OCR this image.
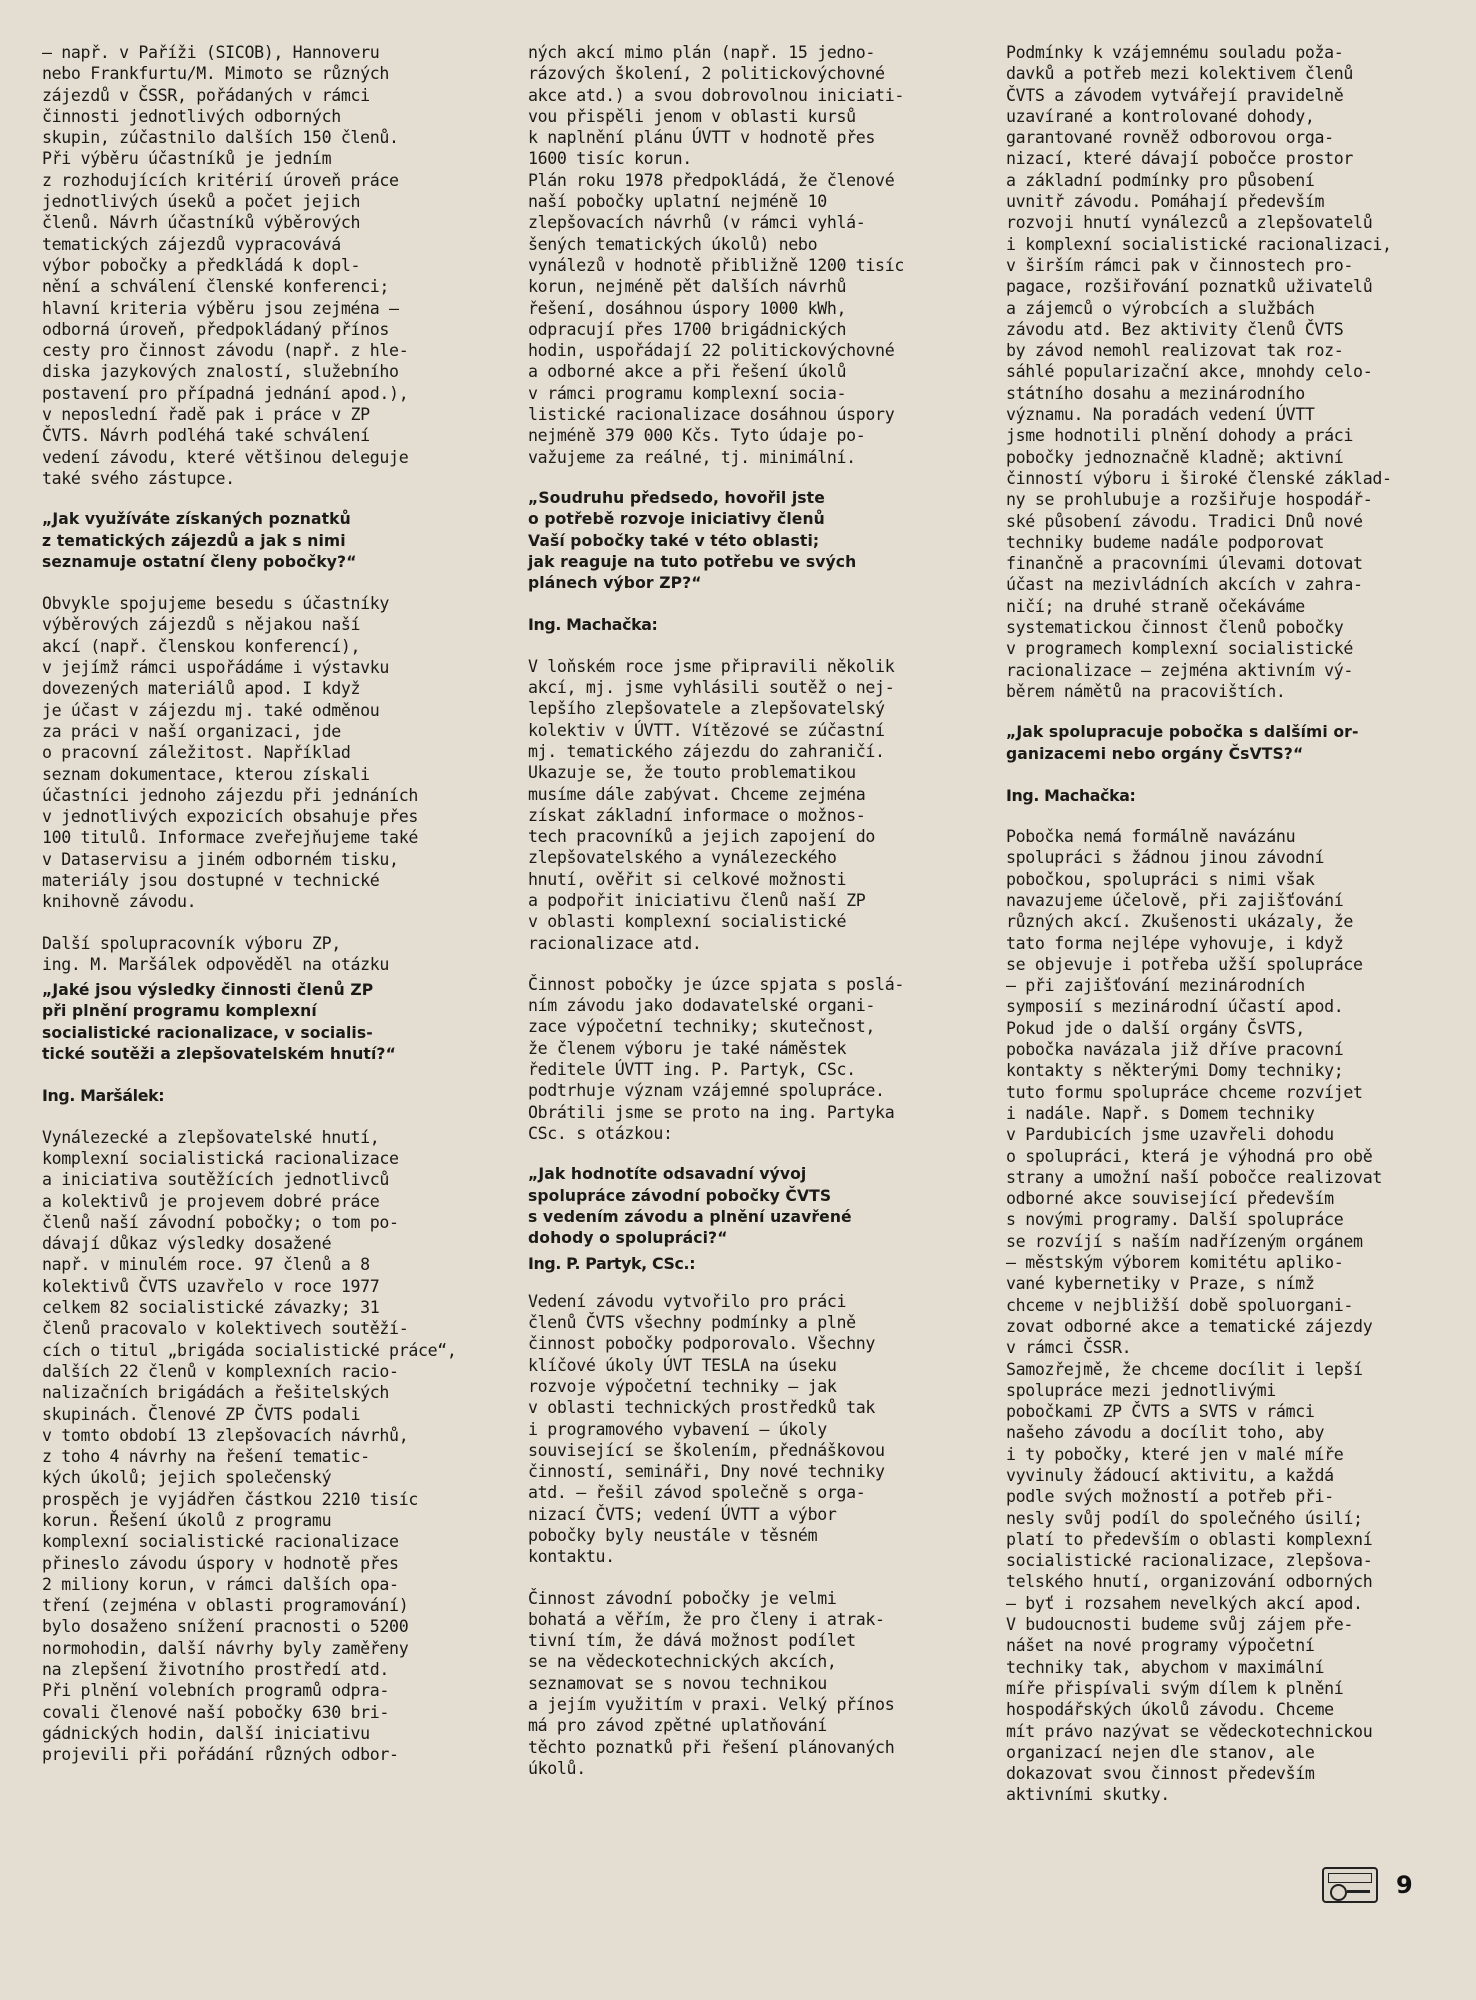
— např. v Paříži (SICOB), Hannoveru
nebo Frankfurtu/M. Mimoto se různých
zájezdů v ČSSR, pořádaných v rámci
činnosti jednotlivých odborných
skupin, zúčastnilo dalších 150 členů.
Při výběru účastníků je jedním
z rozhodujících kritérií úroveň práce
jednotlivých úseků a počet jejich
členů. Návrh účastníků výběrových
tematických zájezdů vypracovává
výbor pobočky a předkládá k dopl-
nění a schválení členské konferenci;
hlavní kriteria výběru jsou zejména —
odborná úroveň, předpokládaný přínos
cesty pro činnost závodu (např. z hle-
diska jazykových znalostí, služebního
postavení pro případná jednání apod.),
v neposlední řadě pak i práce v ZP
ČVTS. Návrh podléhá také schválení
vedení závodu, které většinou deleguje
také svého zástupce.

„Jak využíváte získaných poznatků
z tematických zájezdů a jak s nimi
seznamuje ostatní členy pobočky?“

Obvykle spojujeme besedu s účastníky
výběrových zájezdů s nějakou naší
akcí (např. členskou konferencí),
v jejímž rámci uspořádáme i výstavku
dovezených materiálů apod. I když
je účast v zájezdu mj. také odměnou
za práci v naší organizaci, jde
o pracovní záležitost. Například
seznam dokumentace, kterou získali
účastníci jednoho zájezdu při jednáních
v jednotlivých expozicích obsahuje přes
100 titulů. Informace zveřejňujeme také
v Dataservisu a jiném odborném tisku,
materiály jsou dostupné v technické
knihovně závodu.

Další spolupracovník výboru ZP,
ing. M. Maršálek odpověděl na otázku

„Jaké jsou výsledky činnosti členů ZP
při plnění programu komplexní
socialistické racionalizace, v socialis-
tické soutěži a zlepšovatelském hnutí?“

Ing. Maršálek:

Vynálezecké a zlepšovatelské hnutí,
komplexní socialistická racionalizace
a iniciativa soutěžících jednotlivců
a kolektivů je projevem dobré práce
členů naší závodní pobočky; o tom po-
dávají důkaz výsledky dosažené
např. v minulém roce. 97 členů a 8
kolektivů ČVTS uzavřelo v roce 1977
celkem 82 socialistické závazky; 31
členů pracovalo v kolektivech soutěží-
cích o titul „brigáda socialistické práce“,
dalších 22 členů v komplexních racio-
nalizačních brigádách a řešitelských
skupinách. Členové ZP ČVTS podali
v tomto období 13 zlepšovacích návrhů,
z toho 4 návrhy na řešení tematic-
kých úkolů; jejich společenský
prospěch je vyjádřen částkou 2210 tisíc
korun. Řešení úkolů z programu
komplexní socialistické racionalizace
přineslo závodu úspory v hodnotě přes
2 miliony korun, v rámci dalších opa-
tření (zejména v oblasti programování)
bylo dosaženo snížení pracnosti o 5200
normohodin, další návrhy byly zaměřeny
na zlepšení životního prostředí atd.
Při plnění volebních programů odpra-
covali členové naší pobočky 630 bri-
gádnických hodin, další iniciativu
projevili při pořádání různých odbor-

ných akcí mimo plán (např. 15 jedno-
rázových školení, 2 politickovýchovné
akce atd.) a svou dobrovolnou iniciati-
vou přispěli jenom v oblasti kursů
k naplnění plánu ÚVTT v hodnotě přes
1600 tisíc korun.
Plán roku 1978 předpokládá, že členové
naší pobočky uplatní nejméně 10
zlepšovacích návrhů (v rámci vyhlá-
šených tematických úkolů) nebo
vynálezů v hodnotě přibližně 1200 tisíc
korun, nejméně pět dalších návrhů
řešení, dosáhnou úspory 1000 kWh,
odpracují přes 1700 brigádnických
hodin, uspořádají 22 politickovýchovné
a odborné akce a při řešení úkolů
v rámci programu komplexní socia-
listické racionalizace dosáhnou úspory
nejméně 379 000 Kčs. Tyto údaje po-
važujeme za reálné, tj. minimální.

„Soudruhu předsedo, hovořil jste
o potřebě rozvoje iniciativy členů
Vaší pobočky také v této oblasti;
jak reaguje na tuto potřebu ve svých
plánech výbor ZP?“

Ing. Machačka:

V loňském roce jsme připravili několik
akcí, mj. jsme vyhlásili soutěž o nej-
lepšího zlepšovatele a zlepšovatelský
kolektiv v ÚVTT. Vítězové se zúčastní
mj. tematického zájezdu do zahraničí.
Ukazuje se, že touto problematikou
musíme dále zabývat. Chceme zejména
získat základní informace o možnos-
tech pracovníků a jejich zapojení do
zlepšovatelského a vynálezeckého
hnutí, ověřit si celkové možnosti
a podpořit iniciativu členů naší ZP
v oblasti komplexní socialistické
racionalizace atd.

Činnost pobočky je úzce spjata s poslá-
ním závodu jako dodavatelské organi-
zace výpočetní techniky; skutečnost,
že členem výboru je také náměstek
ředitele ÚVTT ing. P. Partyk, CSc.
podtrhuje význam vzájemné spolupráce.
Obrátili jsme se proto na ing. Partyka
CSc. s otázkou:

„Jak hodnotíte odsavadní vývoj
spolupráce závodní pobočky ČVTS
s vedením závodu a plnění uzavřené
dohody o spolupráci?“

Ing. P. Partyk, CSc.:

Vedení závodu vytvořilo pro práci
členů ČVTS všechny podmínky a plně
činnost pobočky podporovalo. Všechny
klíčové úkoly ÚVT TESLA na úseku
rozvoje výpočetní techniky — jak
v oblasti technických prostředků tak
i programového vybavení — úkoly
související se školením, přednáškovou
činností, semináři, Dny nové techniky
atd. — řešil závod společně s orga-
nizací ČVTS; vedení ÚVTT a výbor
pobočky byly neustále v těsném
kontaktu.

Činnost závodní pobočky je velmi
bohatá a věřím, že pro členy i atrak-
tivní tím, že dává možnost podílet
se na vědeckotechnických akcích,
seznamovat se s novou technikou
a jejím využitím v praxi. Velký přínos
má pro závod zpětné uplatňování
těchto poznatků při řešení plánovaných
úkolů.

Podmínky k vzájemnému souladu poža-
davků a potřeb mezi kolektivem členů
ČVTS a závodem vytvářejí pravidelně
uzavírané a kontrolované dohody,
garantované rovněž odborovou orga-
nizací, které dávají pobočce prostor
a základní podmínky pro působení
uvnitř závodu. Pomáhají především
rozvoji hnutí vynálezců a zlepšovatelů
i komplexní socialistické racionalizaci,
v širším rámci pak v činnostech pro-
pagace, rozšiřování poznatků uživatelů
a zájemců o výrobcích a službách
závodu atd. Bez aktivity členů ČVTS
by závod nemohl realizovat tak roz-
sáhlé popularizační akce, mnohdy celo-
státního dosahu a mezinárodního
významu. Na poradách vedení ÚVTT
jsme hodnotili plnění dohody a práci
pobočky jednoznačně kladně; aktivní
činností výboru i široké členské základ-
ny se prohlubuje a rozšiřuje hospodář-
ské působení závodu. Tradici Dnů nové
techniky budeme nadále podporovat
finančně a pracovními úlevami dotovat
účast na mezivládních akcích v zahra-
ničí; na druhé straně očekáváme
systematickou činnost členů pobočky
v programech komplexní socialistické
racionalizace — zejména aktivním vý-
běrem námětů na pracovištích.

„Jak spolupracuje pobočka s dalšími or-
ganizacemi nebo orgány ČsVTS?“

Ing. Machačka:

Pobočka nemá formálně navázánu
spolupráci s žádnou jinou závodní
pobočkou, spolupráci s nimi však
navazujeme účelově, při zajišťování
různých akcí. Zkušenosti ukázaly, že
tato forma nejlépe vyhovuje, i když
se objevuje i potřeba užší spolupráce
— při zajišťování mezinárodních
symposií s mezinárodní účastí apod.
Pokud jde o další orgány ČsVTS,
pobočka navázala již dříve pracovní
kontakty s některými Domy techniky;
tuto formu spolupráce chceme rozvíjet
i nadále. Např. s Domem techniky
v Pardubicích jsme uzavřeli dohodu
o spolupráci, která je výhodná pro obě
strany a umožní naší pobočce realizovat
odborné akce související především
s novými programy. Další spolupráce
se rozvíjí s naším nadřízeným orgánem
— městským výborem komitétu apliko-
vané kybernetiky v Praze, s nímž
chceme v nejbližší době spoluorgani-
zovat odborné akce a tematické zájezdy
v rámci ČSSR.
Samozřejmě, že chceme docílit i lepší
spolupráce mezi jednotlivými
pobočkami ZP ČVTS a SVTS v rámci
našeho závodu a docílit toho, aby
i ty pobočky, které jen v malé míře
vyvinuly žádoucí aktivitu, a každá
podle svých možností a potřeb při-
nesly svůj podíl do společného úsilí;
platí to především o oblasti komplexní
socialistické racionalizace, zlepšova-
telského hnutí, organizování odborných
— byť i rozsahem nevelkých akcí apod.
V budoucnosti budeme svůj zájem pře-
nášet na nové programy výpočetní
techniky tak, abychom v maximální
míře přispívali svým dílem k plnění
hospodářských úkolů závodu. Chceme
mít právo nazývat se vědeckotechnickou
organizací nejen dle stanov, ale
dokazovat svou činnost především
aktivními skutky.

9
